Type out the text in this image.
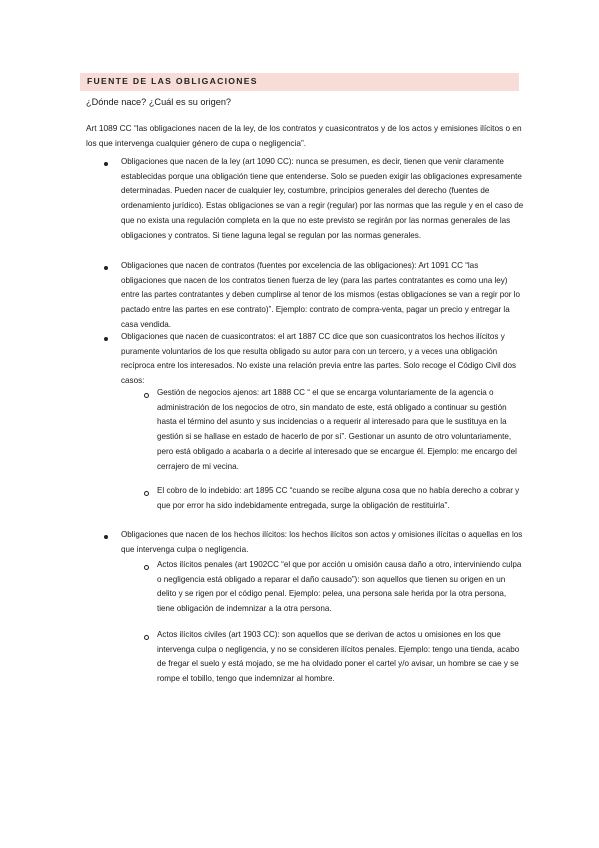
FUENTE DE LAS OBLIGACIONES
¿Dónde nace? ¿Cuál es su origen?

Art 1089 CC “las obligaciones nacen de la ley, de los contratos y cuasicontratos y de los actos y emisiones ilícitos o en los que intervenga cualquier género de cupa o negligencia”.

Obligaciones que nacen de la ley (art 1090 CC): nunca se presumen, es decir, tienen que venir claramente establecidas porque una obligación tiene que entenderse. Solo se pueden exigir las obligaciones expresamente determinadas. Pueden nacer de cualquier ley, costumbre, principios generales del derecho (fuentes de ordenamiento jurídico). Estas obligaciones se van a regir (regular) por las normas que las regule y en el caso de que no exista una regulación completa en la que no este previsto se regirán por las normas generales de las obligaciones y contratos. Si tiene laguna legal se regulan por las normas generales.

Obligaciones que nacen de contratos (fuentes por excelencia de las obligaciones): Art 1091 CC “las obligaciones que nacen de los contratos tienen fuerza de ley (para las partes contratantes es como una ley) entre las partes contratantes y deben cumplirse al tenor de los mismos (estas obligaciones se van a regir por lo pactado entre las partes en ese contrato)”. Ejemplo: contrato de compra-venta, pagar un precio y entregar la casa vendida.

Obligaciones que nacen de cuasicontratos: el art 1887 CC dice que son cuasicontratos los hechos ilícitos y puramente voluntarios de los que resulta obligado su autor para con un tercero, y a veces una obligación recíproca entre los interesados. No existe una relación previa entre las partes. Solo recoge el Código Civil dos casos:

Gestión de negocios ajenos: art 1888 CC “ el que se encarga voluntariamente de la agencia o administración de los negocios de otro, sin mandato de este, está obligado a continuar su gestión hasta el término del asunto y sus incidencias o a requerir al interesado para que le sustituya en la gestión si se hallase en estado de hacerlo de por sí”. Gestionar un asunto de otro voluntariamente, pero está obligado a acabarla o a decirle al interesado que se encargue él. Ejemplo: me encargo del cerrajero de mi vecina.

El cobro de lo indebido: art 1895 CC “cuando se recibe alguna cosa que no había derecho a cobrar y que por error ha sido indebidamente entregada, surge la obligación de restituirla”.

Obligaciones que nacen de los hechos ilícitos: los hechos ilícitos son actos y omisiones ilícitas o aquellas en los que intervenga culpa o negligencia.

Actos ilícitos penales (art 1902CC “el que por acción u omisión causa daño a otro, interviniendo culpa o negligencia está obligado a reparar el daño causado”): son aquellos que tienen su origen en un delito y se rigen por el código penal. Ejemplo: pelea, una persona sale herida por la otra persona, tiene obligación de indemnizar a la otra persona.

Actos ilícitos civiles (art 1903 CC): son aquellos que se derivan de actos u omisiones en los que intervenga culpa o negligencia, y no se consideren ilícitos penales. Ejemplo: tengo una tienda, acabo de fregar el suelo y está mojado, se me ha olvidado poner el cartel y/o avisar, un hombre se cae y se rompe el tobillo, tengo que indemnizar al hombre.
